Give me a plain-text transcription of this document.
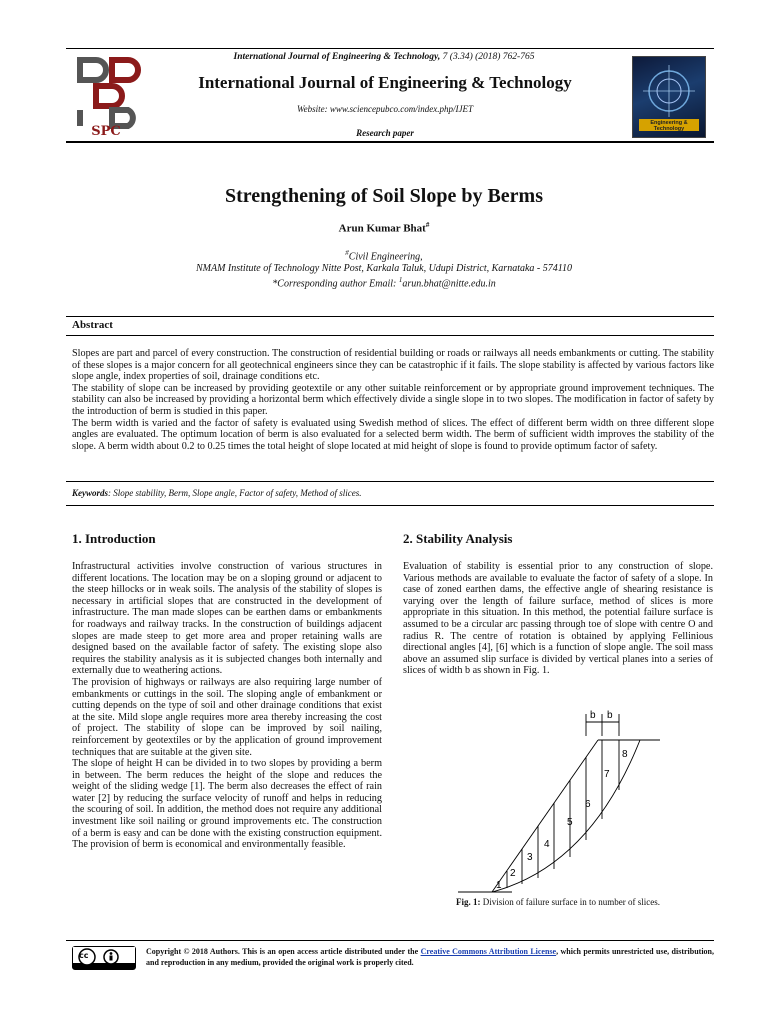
International Journal of Engineering & Technology, 7 (3.34) (2018) 762-765
SPC
International Journal of Engineering & Technology
Website: www.sciencepubco.com/index.php/IJET
Research paper
Engineering & Technology
Strengthening of Soil Slope by Berms
Arun Kumar Bhat#
#Civil Engineering,
NMAM Institute of Technology Nitte Post, Karkala Taluk, Udupi District, Karnataka - 574110
*Corresponding author Email: $^1$arun.bhat@nitte.edu.in
Abstract

Slopes are part and parcel of every construction. The construction of residential building or roads or railways all needs embankments or cutting. The stability of these slopes is a major concern for all geotechnical engineers since they can be catastrophic if it fails. The slope stability is affected by various factors like slope angle, index properties of soil, drainage conditions etc.

The stability of slope can be increased by providing geotextile or any other suitable reinforcement or by appropriate ground improvement techniques. The stability can also be increased by providing a horizontal berm which effectively divide a single slope in to two slopes. The modification in factor of safety by the introduction of berm is studied in this paper.

The berm width is varied and the factor of safety is evaluated using Swedish method of slices. The effect of different berm width on three different slope angles are evaluated. The optimum location of berm is also evaluated for a selected berm width. The berm of sufficient width improves the stability of the slope. A berm width about 0.2 to 0.25 times the total height of slope located at mid height of slope is found to provide optimum factor of safety.

Keywords: Slope stability, Berm, Slope angle, Factor of safety, Method of slices.
1. Introduction

Infrastructural activities involve construction of various structures in different locations. The location may be on a sloping ground or adjacent to the steep hillocks or in weak soils. The analysis of the stability of slopes is necessary in artificial slopes that are constructed in the development of infrastructure. The man made slopes can be earthen dams or embankments for roadways and railway tracks. In the construction of buildings adjacent slopes are made steep to get more area and proper retaining walls are designed based on the available factor of safety. The existing slope also requires the stability analysis as it is subjected changes both internally and externally due to weathering actions.

The provision of highways or railways are also requiring large number of embankments or cuttings in the soil. The sloping angle of embankment or cutting depends on the type of soil and other drainage conditions that exist at the site. Mild slope angle requires more area thereby increasing the cost of project. The stability of slope can be improved by soil nailing, reinforcement by geotextiles or by the application of ground improvement techniques that are suitable at the given site.

The slope of height H can be divided in to two slopes by providing a berm in between. The berm reduces the height of the slope and reduces the weight of the sliding wedge [1]. The berm also decreases the effect of rain water [2] by reducing the surface velocity of runoff and helps in reducing the scouring of soil. In addition, the method does not require any additional investment like soil nailing or ground improvements etc. The construction of a berm is easy and can be done with the existing construction equipment. The provision of berm is economical and environmentally feasible.

2. Stability Analysis

Evaluation of stability is essential prior to any construction of slope. Various methods are available to evaluate the factor of safety of a slope. In case of zoned earthen dams, the effective angle of shearing resistance is varying over the length of failure surface, method of slices is more appropriate in this situation. In this method, the potential failure surface is assumed to be a circular arc passing through toe of slope with centre O and radius R. The centre of rotation is obtained by applying Fellinious directional angles [4], [6] which is a function of slope angle. The soil mass above an assumed slip surface is divided by vertical planes into a series of slices of width b as shown in Fig. 1.

b b
1
2
3
4
5
6
7
8
Fig. 1: Division of failure surface in to number of slices.
cc	Copyright © 2018 Authors. This is an open access article distributed under the Creative Commons Attribution License, which permits unrestricted use, distribution, and reproduction in any medium, provided the original work is properly cited.
